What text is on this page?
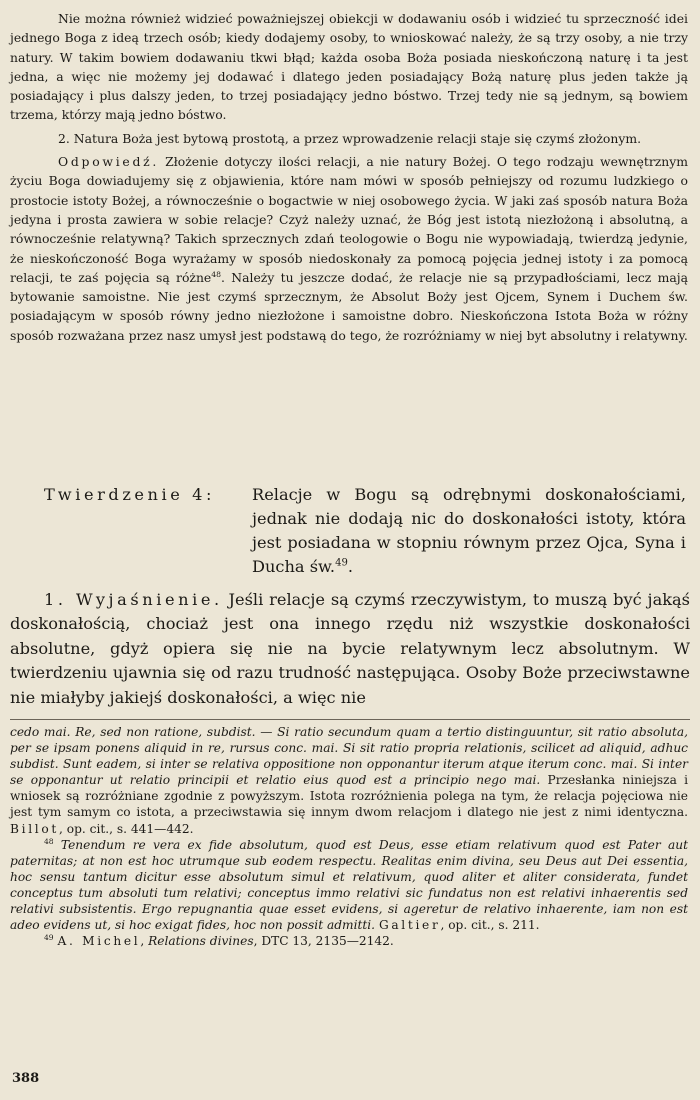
Nie można również widzieć poważniejszej obiekcji w dodawaniu osób i widzieć tu sprzeczność idei jednego Boga z ideą trzech osób; kiedy dodajemy osoby, to wnioskować należy, że są trzy osoby, a nie trzy natury. W takim bowiem dodawaniu tkwi błąd; każda osoba Boża posiada nieskończoną naturę i ta jest jedna, a więc nie możemy jej dodawać i dlatego jeden posiadający Bożą naturę plus jeden także ją posiadający i plus dalszy jeden, to trzej posiadający jedno bóstwo. Trzej tedy nie są jednym, są bowiem trzema, którzy mają jedno bóstwo.

2. Natura Boża jest bytową prostotą, a przez wprowadzenie relacji staje się czymś złożonym.

Odpowiedź. Złożenie dotyczy ilości relacji, a nie natury Bożej. O tego rodzaju wewnętrznym życiu Boga dowiadujemy się z objawienia, które nam mówi w sposób pełniejszy od rozumu ludzkiego o prostocie istoty Bożej, a równocześnie o bogactwie w niej osobowego życia. W jaki zaś sposób natura Boża jedyna i prosta zawiera w sobie relacje? Czyż należy uznać, że Bóg jest istotą niezłożoną i absolutną, a równocześnie relatywną? Takich sprzecznych zdań teologowie o Bogu nie wypowiadają, twierdzą jedynie, że nieskończoność Boga wyrażamy w sposób niedoskonały za pomocą pojęcia jednej istoty i za pomocą relacji, te zaś pojęcia są różne$^{48}$. Należy tu jeszcze dodać, że relacje nie są przypadłościami, lecz mają bytowanie samoistne. Nie jest czymś sprzecznym, że Absolut Boży jest Ojcem, Synem i Duchem św. posiadającym w sposób równy jedno niezłożone i samoistne dobro. Nieskończona Istota Boża w różny sposób rozważana przez nasz umysł jest podstawą do tego, że rozróżniamy w niej byt absolutny i relatywny.

Twierdzenie 4:	Relacje w Bogu są odrębnymi doskonałościami, jednak nie dodają nic do doskonałości istoty, która jest posiadana w stopniu równym przez Ojca, Syna i Ducha św.$^{49}$.

1. Wyjaśnienie. Jeśli relacje są czymś rzeczywistym, to muszą być jakąś doskonałością, chociaż jest ona innego rzędu niż wszystkie doskonałości absolutne, gdyż opiera się nie na bycie relatywnym lecz absolutnym. W twierdzeniu ujawnia się od razu trudność następująca. Osoby Boże przeciwstawne nie miałyby jakiejś doskonałości, a więc nie

cedo mai. Re, sed non ratione, subdist. — Si ratio secundum quam a tertio distinguuntur, sit ratio absoluta, per se ipsam ponens aliquid in re, rursus conc. mai. Si sit ratio propria relationis, scilicet ad aliquid, adhuc subdist. Sunt eadem, si inter se relativa oppositione non opponantur iterum atque iterum conc. mai. Si inter se opponantur ut relatio principii et relatio eius quod est a principio nego mai. Przesłanka niniejsza i wniosek są rozróżniane zgodnie z powyższym. Istota rozróżnienia polega na tym, że relacja pojęciowa nie jest tym samym co istota, a przeciwstawia się innym dwom relacjom i dlatego nie jest z nimi identyczna. Billot, op. cit., s. 441—442.

$^{48}$ Tenendum re vera ex fide absolutum, quod est Deus, esse etiam relativum quod est Pater aut paternitas; at non est hoc utrumque sub eodem respectu. Realitas enim divina, seu Deus aut Dei essentia, hoc sensu tantum dicitur esse absolutum simul et relativum, quod aliter et aliter considerata, fundet conceptus tum absoluti tum relativi; conceptus immo relativi sic fundatus non est relativi inhaerentis sed relativi subsistentis. Ergo repugnantia quae esset evidens, si ageretur de relativo inhaerente, iam non est adeo evidens ut, si hoc exigat fides, hoc non possit admitti. Galtier, op. cit., s. 211.

$^{49}$ A. Michel, Relations divines, DTC 13, 2135—2142.

388
